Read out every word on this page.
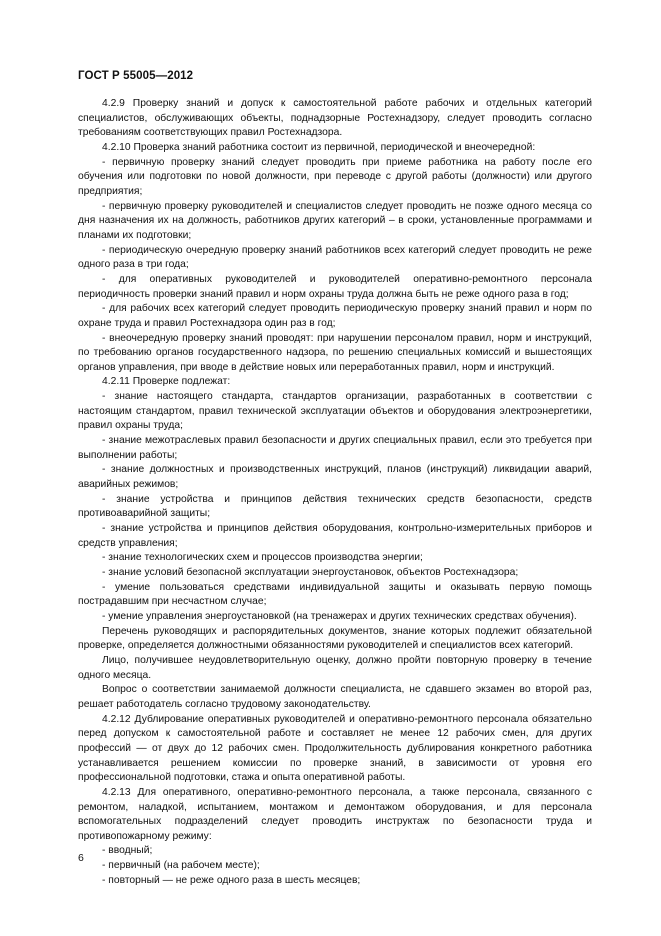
ГОСТ Р 55005—2012

4.2.9 Проверку знаний и допуск к самостоятельной работе рабочих и отдельных категорий специалистов, обслуживающих объекты, поднадзорные Ростехнадзору, следует проводить согласно требованиям соответствующих правил Ростехнадзора.

4.2.10 Проверка знаний работника состоит из первичной, периодической и внеочередной:

- первичную проверку знаний следует проводить при приеме работника на работу после его обучения или подготовки по новой должности, при переводе с другой работы (должности) или другого предприятия;

- первичную проверку руководителей и специалистов следует проводить не позже одного месяца со дня назначения их на должность, работников других категорий – в сроки, установленные программами и планами их подготовки;

- периодическую очередную проверку знаний работников всех категорий следует проводить не реже одного раза в три года;

- для оперативных руководителей и руководителей оперативно-ремонтного персонала периодичность проверки знаний правил и норм охраны труда должна быть не реже одного раза в год;

- для рабочих всех категорий следует проводить периодическую проверку знаний правил и норм по охране труда и правил Ростехнадзора один раз в год;

- внеочередную проверку знаний проводят: при нарушении персоналом правил, норм и инструкций, по требованию органов государственного надзора, по решению специальных комиссий и вышестоящих органов управления, при вводе в действие новых или переработанных правил, норм и инструкций.

4.2.11 Проверке подлежат:

- знание настоящего стандарта, стандартов организации, разработанных в соответствии с настоящим стандартом, правил технической эксплуатации объектов и оборудования электроэнергетики, правил охраны труда;

- знание межотраслевых правил безопасности и других специальных правил, если это требуется при выполнении работы;

- знание должностных и производственных инструкций, планов (инструкций) ликвидации аварий, аварийных режимов;

- знание устройства и принципов действия технических средств безопасности, средств противоаварийной защиты;

- знание устройства и принципов действия оборудования, контрольно-измерительных приборов и средств управления;

- знание технологических схем и процессов производства энергии;

- знание условий безопасной эксплуатации энергоустановок, объектов Ростехнадзора;

- умение пользоваться средствами индивидуальной защиты и оказывать первую помощь пострадавшим при несчастном случае;

- умение управления энергоустановкой (на тренажерах и других технических средствах обучения).

Перечень руководящих и распорядительных документов, знание которых подлежит обязательной проверке, определяется должностными обязанностями руководителей и специалистов всех категорий.

Лицо, получившее неудовлетворительную оценку, должно пройти повторную проверку в течение одного месяца.

Вопрос о соответствии занимаемой должности специалиста, не сдавшего экзамен во второй раз, решает работодатель согласно трудовому законодательству.

4.2.12 Дублирование оперативных руководителей и оперативно-ремонтного персонала обязательно перед допуском к самостоятельной работе и составляет не менее 12 рабочих смен, для других профессий — от двух до 12 рабочих смен. Продолжительность дублирования конкретного работника устанавливается решением комиссии по проверке знаний, в зависимости от уровня его профессиональной подготовки, стажа и опыта оперативной работы.

4.2.13 Для оперативного, оперативно-ремонтного персонала, а также персонала, связанного с ремонтом, наладкой, испытанием, монтажом и демонтажом оборудования, и для персонала вспомогательных подразделений следует проводить инструктаж по безопасности труда и противопожарному режиму:

- вводный;

- первичный (на рабочем месте);

- повторный — не реже одного раза в шесть месяцев;

6
